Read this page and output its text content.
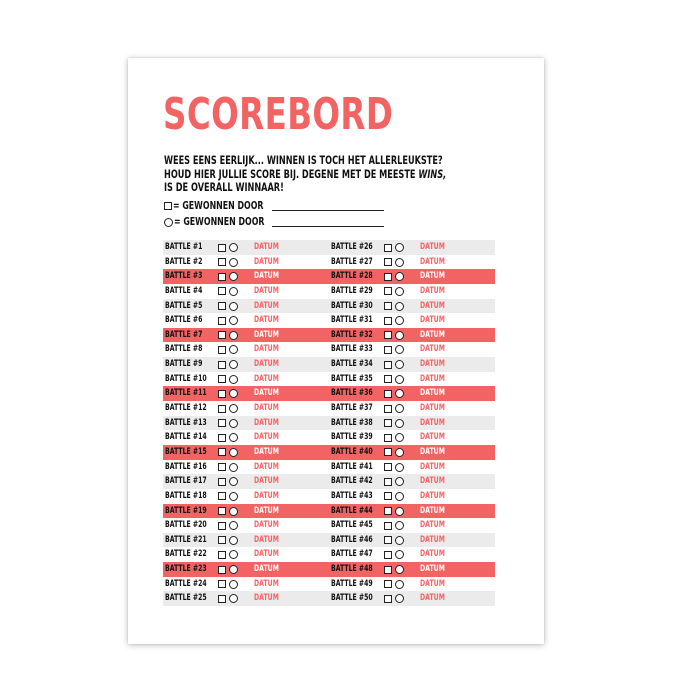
SCOREBORD
WEES EENS EERLIJK... WINNEN IS TOCH HET ALLERLEUKSTE?
HOUD HIER JULLIE SCORE BIJ. DEGENE MET DE MEESTE WINS,
IS DE OVERALL WINNAAR!
= GEWONNEN DOOR
= GEWONNEN DOOR
BATTLE #1	DATUM
BATTLE #2	DATUM
BATTLE #3	DATUM
BATTLE #4	DATUM
BATTLE #5	DATUM
BATTLE #6	DATUM
BATTLE #7	DATUM
BATTLE #8	DATUM
BATTLE #9	DATUM
BATTLE #10	DATUM
BATTLE #11	DATUM
BATTLE #12	DATUM
BATTLE #13	DATUM
BATTLE #14	DATUM
BATTLE #15	DATUM
BATTLE #16	DATUM
BATTLE #17	DATUM
BATTLE #18	DATUM
BATTLE #19	DATUM
BATTLE #20	DATUM
BATTLE #21	DATUM
BATTLE #22	DATUM
BATTLE #23	DATUM
BATTLE #24	DATUM
BATTLE #25	DATUM
BATTLE #26	DATUM
BATTLE #27	DATUM
BATTLE #28	DATUM
BATTLE #29	DATUM
BATTLE #30	DATUM
BATTLE #31	DATUM
BATTLE #32	DATUM
BATTLE #33	DATUM
BATTLE #34	DATUM
BATTLE #35	DATUM
BATTLE #36	DATUM
BATTLE #37	DATUM
BATTLE #38	DATUM
BATTLE #39	DATUM
BATTLE #40	DATUM
BATTLE #41	DATUM
BATTLE #42	DATUM
BATTLE #43	DATUM
BATTLE #44	DATUM
BATTLE #45	DATUM
BATTLE #46	DATUM
BATTLE #47	DATUM
BATTLE #48	DATUM
BATTLE #49	DATUM
BATTLE #50	DATUM
